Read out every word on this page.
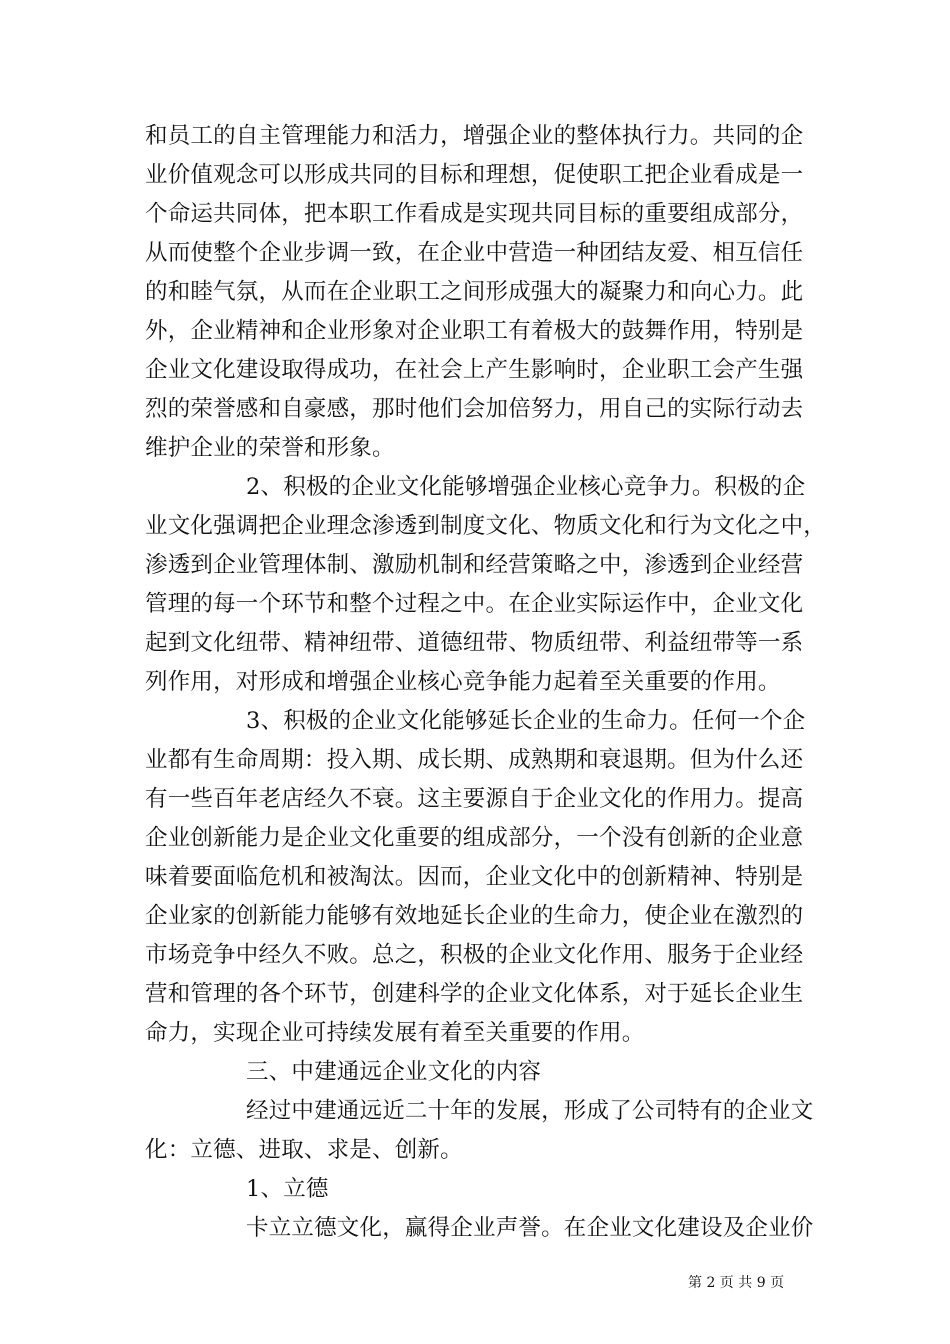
和员工的自主管理能力和活力，增强企业的整体执行力。共同的企
业价值观念可以形成共同的目标和理想，促使职工把企业看成是一
个命运共同体，把本职工作看成是实现共同目标的重要组成部分，
从而使整个企业步调一致，在企业中营造一种团结友爱、相互信任
的和睦气氛，从而在企业职工之间形成强大的凝聚力和向心力。此
外，企业精神和企业形象对企业职工有着极大的鼓舞作用，特别是
企业文化建设取得成功，在社会上产生影响时，企业职工会产生强
烈的荣誉感和自豪感，那时他们会加倍努力，用自己的实际行动去
维护企业的荣誉和形象。
2、积极的企业文化能够增强企业核心竞争力。积极的企
业文化强调把企业理念渗透到制度文化、物质文化和行为文化之中，
渗透到企业管理体制、激励机制和经营策略之中，渗透到企业经营
管理的每一个环节和整个过程之中。在企业实际运作中，企业文化
起到文化纽带、精神纽带、道德纽带、物质纽带、利益纽带等一系
列作用，对形成和增强企业核心竞争能力起着至关重要的作用。
3、积极的企业文化能够延长企业的生命力。任何一个企
业都有生命周期：投入期、成长期、成熟期和衰退期。但为什么还
有一些百年老店经久不衰。这主要源自于企业文化的作用力。提高
企业创新能力是企业文化重要的组成部分，一个没有创新的企业意
味着要面临危机和被淘汰。因而，企业文化中的创新精神、特别是
企业家的创新能力能够有效地延长企业的生命力，使企业在激烈的
市场竞争中经久不败。总之，积极的企业文化作用、服务于企业经
营和管理的各个环节，创建科学的企业文化体系，对于延长企业生
命力，实现企业可持续发展有着至关重要的作用。
三、中建通远企业文化的内容
经过中建通远近二十年的发展，形成了公司特有的企业文
化：立德、进取、求是、创新。
1、立德
卡立立德文化，赢得企业声誉。在企业文化建设及企业价
第 2 页 共 9 页
